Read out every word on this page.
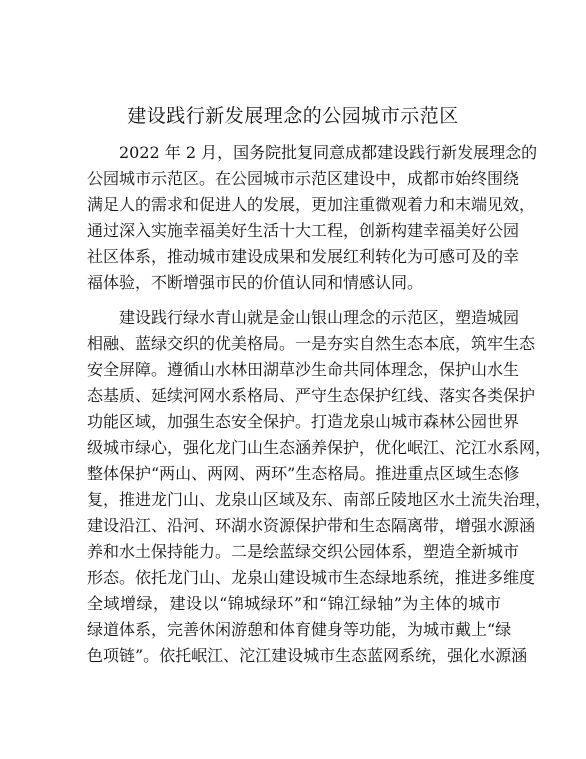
建设践行新发展理念的公园城市示范区
2022 年 2 月，国务院批复同意成都建设践行新发展理念的
公园城市示范区。在公园城市示范区建设中，成都市始终围绕
满足人的需求和促进人的发展，更加注重微观着力和末端见效，
通过深入实施幸福美好生活十大工程，创新构建幸福美好公园
社区体系，推动城市建设成果和发展红利转化为可感可及的幸
福体验，不断增强市民的价值认同和情感认同。
建设践行绿水青山就是金山银山理念的示范区，塑造城园
相融、蓝绿交织的优美格局。一是夯实自然生态本底，筑牢生态
安全屏障。遵循山水林田湖草沙生命共同体理念，保护山水生
态基质、延续河网水系格局、严守生态保护红线、落实各类保护
功能区域，加强生态安全保护。打造龙泉山城市森林公园世界
级城市绿心，强化龙门山生态涵养保护，优化岷江、沱江水系网，
整体保护“两山、两网、两环”生态格局。推进重点区域生态修
复，推进龙门山、龙泉山区域及东、南部丘陵地区水土流失治理，
建设沿江、沿河、环湖水资源保护带和生态隔离带，增强水源涵
养和水土保持能力。二是绘蓝绿交织公园体系，塑造全新城市
形态。依托龙门山、龙泉山建设城市生态绿地系统，推进多维度
全域增绿，建设以“锦城绿环”和“锦江绿轴”为主体的城市
绿道体系，完善休闲游憩和体育健身等功能，为城市戴上“绿
色项链”。依托岷江、沱江建设城市生态蓝网系统，强化水源涵
